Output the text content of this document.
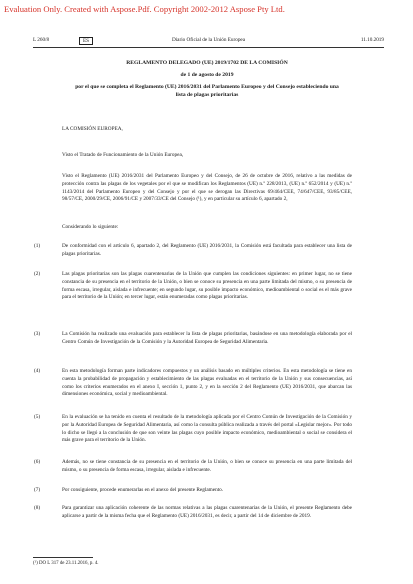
Evaluation Only. Created with Aspose.Pdf. Copyright 2002-2012 Aspose Pty Ltd.
L 260/8	ES	Diario Oficial de la Unión Europea	11.10.2019
REGLAMENTO DELEGADO (UE) 2019/1702 DE LA COMISIÓN
de 1 de agosto de 2019
por el que se completa el Reglamento (UE) 2016/2031 del Parlamento Europeo y del Consejo estableciendo una lista de plagas prioritarias

LA COMISIÓN EUROPEA,

Visto el Tratado de Funcionamiento de la Unión Europea,

Visto el Reglamento (UE) 2016/2031 del Parlamento Europeo y del Consejo, de 26 de octubre de 2016, relativo a las medidas de protección contra las plagas de los vegetales por el que se modifican los Reglamentos (UE) n.º 228/2013, (UE) n.º 652/2014 y (UE) n.º 1143/2014 del Parlamento Europeo y del Consejo y por el que se derogan las Directivas 69/464/CEE, 74/647/CEE, 93/85/CEE, 98/57/CE, 2000/29/CE, 2006/91/CE y 2007/33/CE del Consejo (¹), y en particular su artículo 6, apartado 2,

Considerando lo siguiente:

(1)	De conformidad con el artículo 6, apartado 2, del Reglamento (UE) 2016/2031, la Comisión está facultada para establecer una lista de plagas prioritarias.

(2)	Las plagas prioritarias son las plagas cuarentenarias de la Unión que cumplen las condiciones siguientes: en primer lugar, no se tiene constancia de su presencia en el territorio de la Unión, o bien se conoce su presencia en una parte limitada del mismo, o su presencia de forma escasa, irregular, aislada e infrecuente; en segundo lugar, su posible impacto económico, medioambiental o social es el más grave para el territorio de la Unión; en tercer lugar, están enumeradas como plagas prioritarias.

(3)	La Comisión ha realizado una evaluación para establecer la lista de plagas prioritarias, basándose en una metodología elaborada por el Centro Común de Investigación de la Comisión y la Autoridad Europea de Seguridad Alimentaria.

(4)	En esta metodología forman parte indicadores compuestos y un análisis basado en múltiples criterios. En esta metodología se tiene en cuenta la probabilidad de propagación y establecimiento de las plagas evaluadas en el territorio de la Unión y sus consecuencias, así como los criterios enumerados en el anexo I, sección 1, punto 2, y en la sección 2 del Reglamento (UE) 2016/2031, que abarcan las dimensiones económica, social y medioambiental.

(5)	En la evaluación se ha tenido en cuenta el resultado de la metodología aplicada por el Centro Común de Investigación de la Comisión y por la Autoridad Europea de Seguridad Alimentaria, así como la consulta pública realizada a través del portal «Legislar mejor». Por todo lo dicho se llegó a la conclusión de que son veinte las plagas cuyo posible impacto económico, medioambiental o social se considera el más grave para el territorio de la Unión.

(6)	Además, no se tiene constancia de su presencia en el territorio de la Unión, o bien se conoce su presencia en una parte limitada del mismo, o su presencia de forma escasa, irregular, aislada e infrecuente.

(7)	Por consiguiente, procede enumerarlas en el anexo del presente Reglamento.

(8)	Para garantizar una aplicación coherente de las normas relativas a las plagas cuarentenarias de la Unión, el presente Reglamento debe aplicarse a partir de la misma fecha que el Reglamento (UE) 2016/2031, es decir, a partir del 14 de diciembre de 2019.

(¹) DO L 317 de 23.11.2016, p. 4.
